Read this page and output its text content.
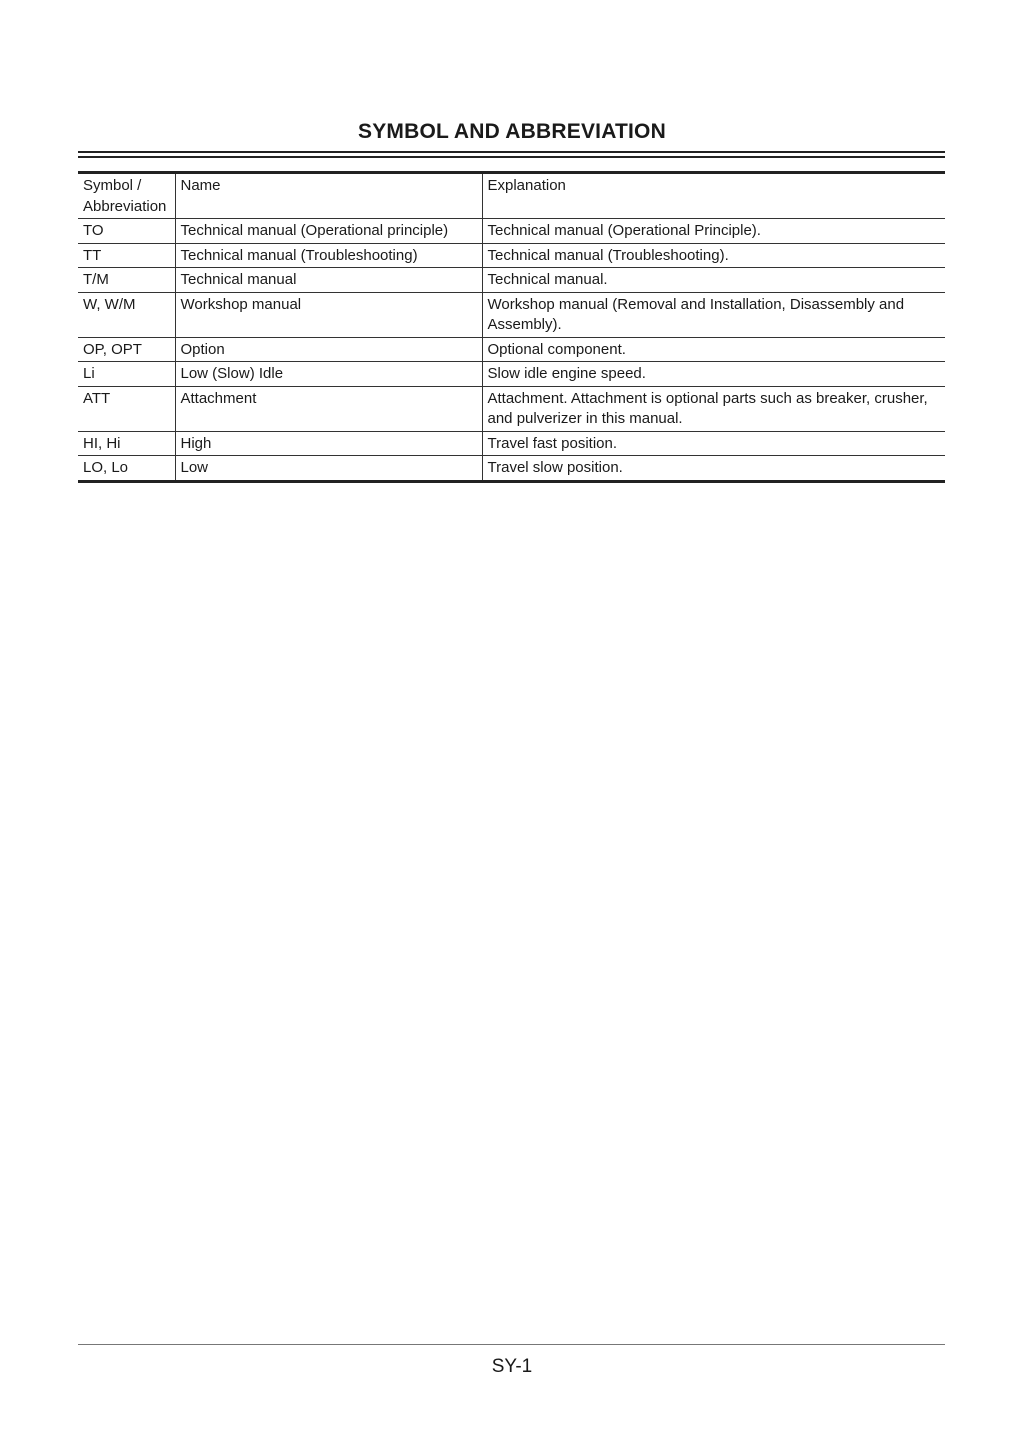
SYMBOL AND ABBREVIATION
Symbol / Abbreviation	Name	Explanation
TO	Technical manual (Operational principle)	Technical manual (Operational Principle).
TT	Technical manual (Troubleshooting)	Technical manual (Troubleshooting).
T/M	Technical manual	Technical manual.
W, W/M	Workshop manual	Workshop manual (Removal and Installation, Disassembly and Assembly).
OP, OPT	Option	Optional component.
Li	Low (Slow) Idle	Slow idle engine speed.
ATT	Attachment	Attachment. Attachment is optional parts such as breaker, crusher, and pulverizer in this manual.
HI, Hi	High	Travel fast position.
LO, Lo	Low	Travel slow position.
SY-1
